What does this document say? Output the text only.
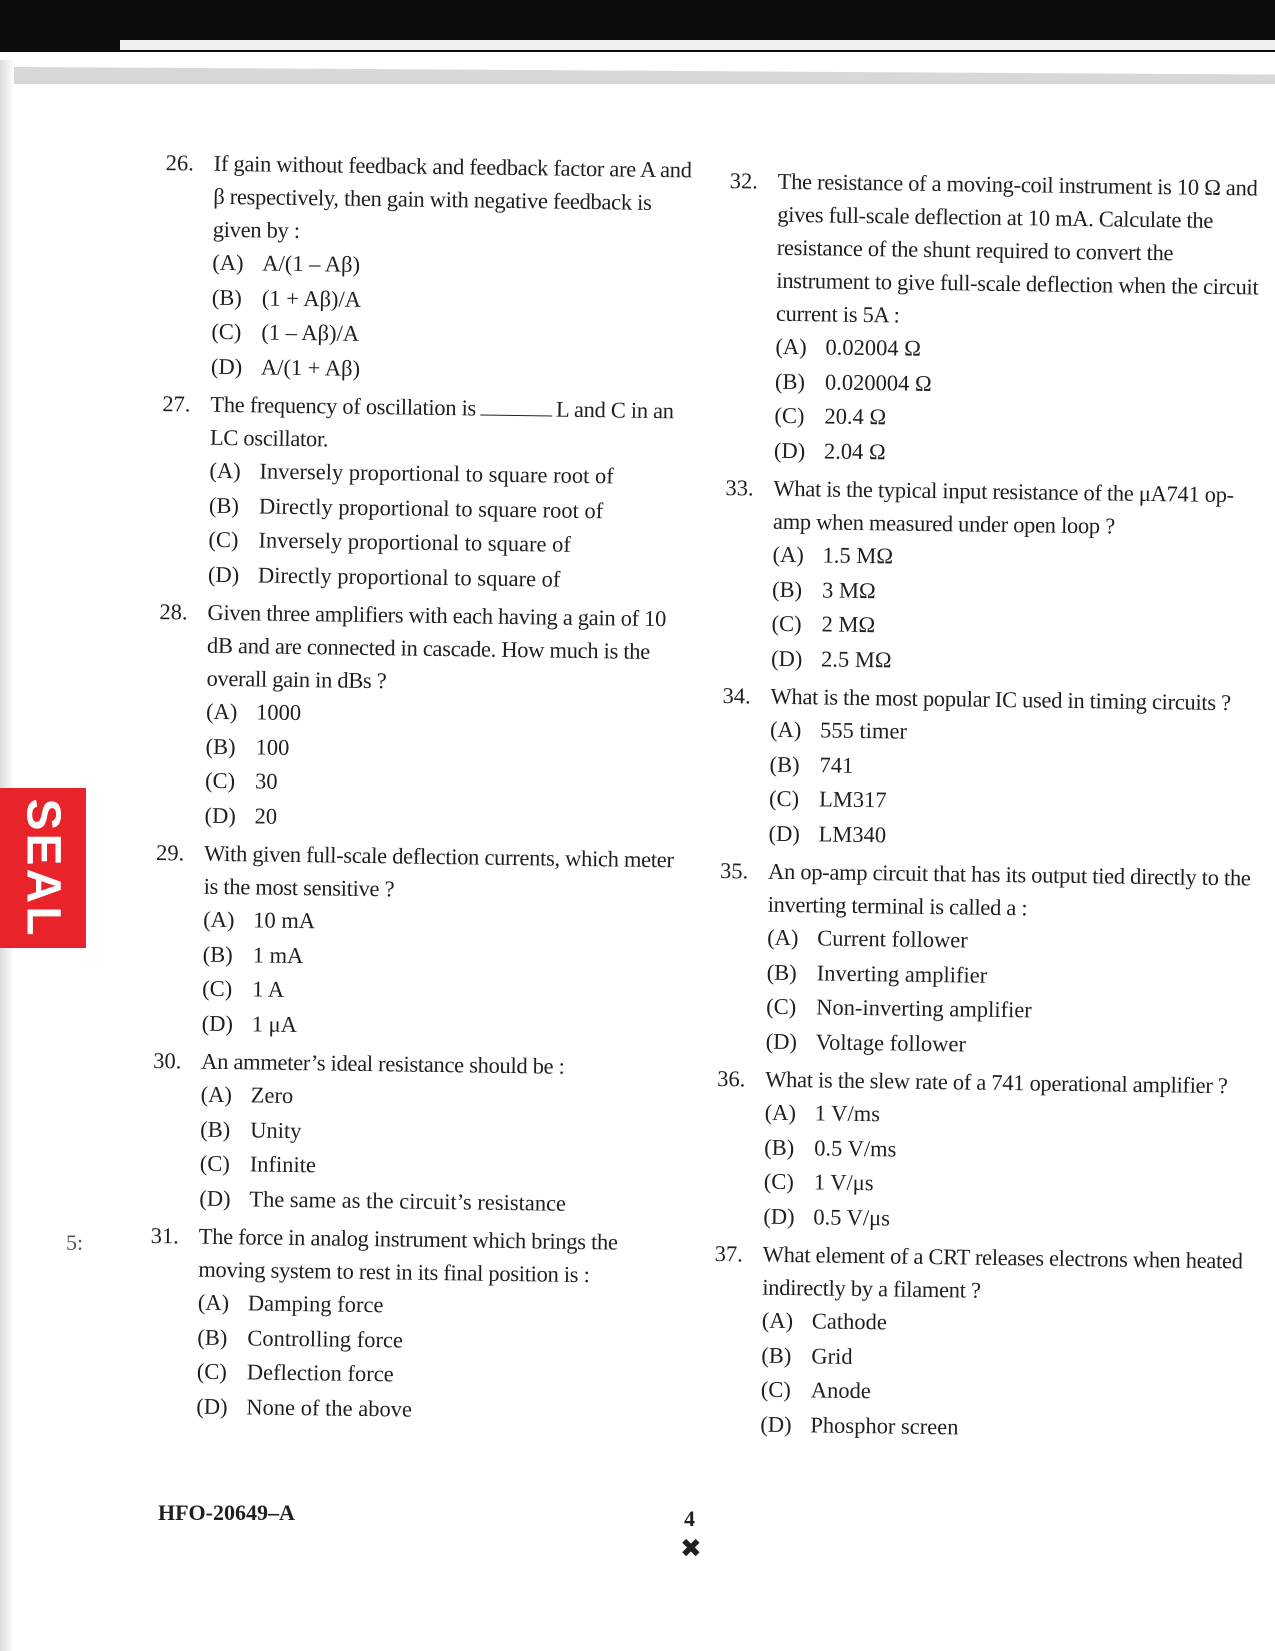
SEAL
5:
26. If gain without feedback and feedback factor are A and β respectively, then gain with negative feedback is given by :
(A) A/(1 – Aβ)
(B) (1 + Aβ)/A
(C) (1 – Aβ)/A
(D) A/(1 + Aβ)
27. The frequency of oscillation is	L and C in an LC oscillator.
(A) Inversely proportional to square root of
(B) Directly proportional to square root of
(C) Inversely proportional to square of
(D) Directly proportional to square of
28. Given three amplifiers with each having a gain of 10 dB and are connected in cascade. How much is the overall gain in dBs ?
(A) 1000
(B) 100
(C) 30
(D) 20
29. With given full-scale deflection currents, which meter is the most sensitive ?
(A) 10 mA
(B) 1 mA
(C) 1 A
(D) 1 μA
30. An ammeter’s ideal resistance should be :
(A) Zero
(B) Unity
(C) Infinite
(D) The same as the circuit’s resistance
31. The force in analog instrument which brings the moving system to rest in its final position is :
(A) Damping force
(B) Controlling force
(C) Deflection force
(D) None of the above
32. The resistance of a moving-coil instrument is 10 Ω and gives full-scale deflection at 10 mA. Calculate the resistance of the shunt required to convert the instrument to give full-scale deflection when the circuit current is 5A :
(A) 0.02004 Ω
(B) 0.020004 Ω
(C) 20.4 Ω
(D) 2.04 Ω
33. What is the typical input resistance of the μA741 op-amp when measured under open loop ?
(A) 1.5 MΩ
(B) 3 MΩ
(C) 2 MΩ
(D) 2.5 MΩ
34. What is the most popular IC used in timing circuits ?
(A) 555 timer
(B) 741
(C) LM317
(D) LM340
35. An op-amp circuit that has its output tied directly to the inverting terminal is called a :
(A) Current follower
(B) Inverting amplifier
(C) Non-inverting amplifier
(D) Voltage follower
36. What is the slew rate of a 741 operational amplifier ?
(A) 1 V/ms
(B) 0.5 V/ms
(C) 1 V/μs
(D) 0.5 V/μs
37. What element of a CRT releases electrons when heated indirectly by a filament ?
(A) Cathode
(B) Grid
(C) Anode
(D) Phosphor screen
HFO-20649–A	4
✖
